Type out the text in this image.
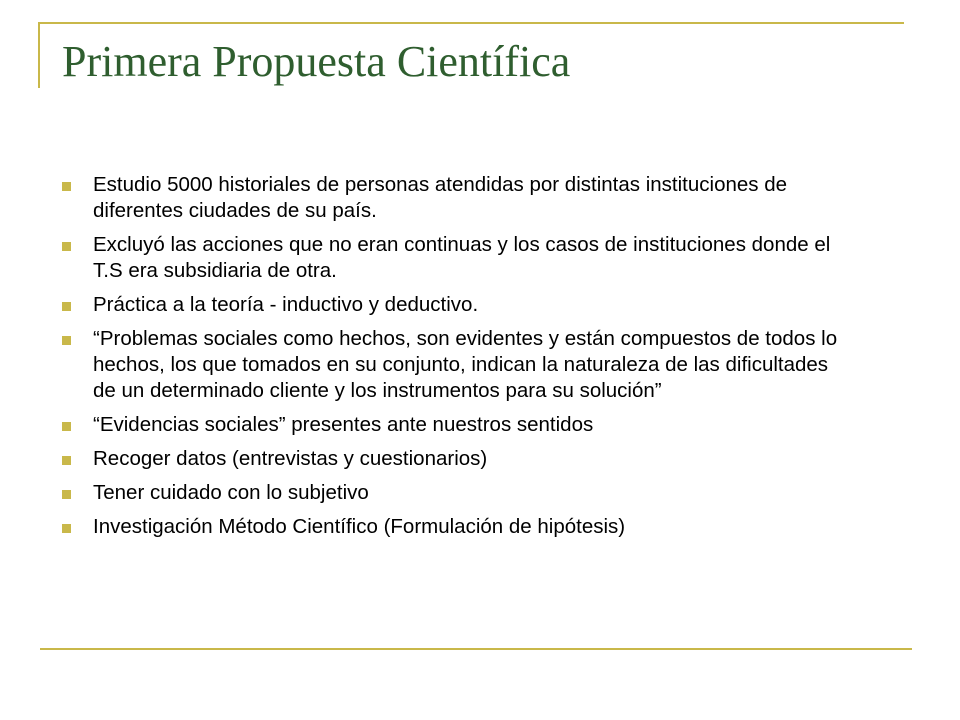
Primera Propuesta Científica
Estudio 5000 historiales de personas atendidas por distintas instituciones de diferentes ciudades de su país.
Excluyó las acciones que no eran continuas y los casos de instituciones donde el T.S era subsidiaria de otra.
Práctica a la teoría - inductivo y deductivo.
“Problemas sociales como hechos, son evidentes y están compuestos de todos lo hechos, los que tomados en su conjunto, indican la naturaleza de las dificultades de un determinado cliente y los instrumentos para su solución”
“Evidencias sociales” presentes ante nuestros sentidos
Recoger datos (entrevistas y cuestionarios)
Tener cuidado con lo subjetivo
Investigación Método Científico (Formulación de hipótesis)
